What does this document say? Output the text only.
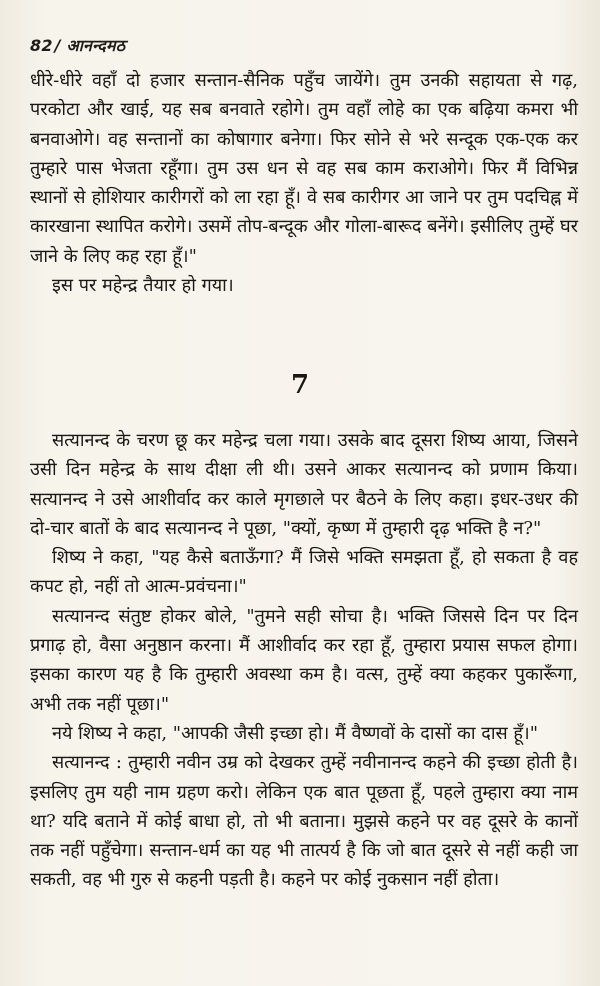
82 / आनन्दमठ

धीरे-धीरे वहाँ दो हजार सन्तान-सैनिक पहुँच जायेंगे। तुम उनकी सहायता से गढ़, परकोटा और खाई, यह सब बनवाते रहोगे। तुम वहाँ लोहे का एक बढ़िया कमरा भी बनवाओगे। वह सन्तानों का कोषागार बनेगा। फिर सोने से भरे सन्दूक एक-एक कर तुम्हारे पास भेजता रहूँगा। तुम उस धन से वह सब काम कराओगे। फिर मैं विभिन्न स्थानों से होशियार कारीगरों को ला रहा हूँ। वे सब कारीगर आ जाने पर तुम पदचिह्न में कारखाना स्थापित करोगे। उसमें तोप-बन्दूक और गोला-बारूद बनेंगे। इसीलिए तुम्हें घर जाने के लिए कह रहा हूँ।"

इस पर महेन्द्र तैयार हो गया।

7

सत्यानन्द के चरण छू कर महेन्द्र चला गया। उसके बाद दूसरा शिष्य आया, जिसने उसी दिन महेन्द्र के साथ दीक्षा ली थी। उसने आकर सत्यानन्द को प्रणाम किया। सत्यानन्द ने उसे आशीर्वाद कर काले मृगछाले पर बैठने के लिए कहा। इधर-उधर की दो-चार बातों के बाद सत्यानन्द ने पूछा, "क्यों, कृष्ण में तुम्हारी दृढ़ भक्ति है न?"

शिष्य ने कहा, "यह कैसे बताऊँगा? मैं जिसे भक्ति समझता हूँ, हो सकता है वह कपट हो, नहीं तो आत्म-प्रवंचना।"

सत्यानन्द संतुष्ट होकर बोले, "तुमने सही सोचा है। भक्ति जिससे दिन पर दिन प्रगाढ़ हो, वैसा अनुष्ठान करना। मैं आशीर्वाद कर रहा हूँ, तुम्हारा प्रयास सफल होगा। इसका कारण यह है कि तुम्हारी अवस्था कम है। वत्स, तुम्हें क्या कहकर पुकारूँगा, अभी तक नहीं पूछा।"

नये शिष्य ने कहा, "आपकी जैसी इच्छा हो। मैं वैष्णवों के दासों का दास हूँ।"

सत्यानन्द : तुम्हारी नवीन उम्र को देखकर तुम्हें नवीनानन्द कहने की इच्छा होती है। इसलिए तुम यही नाम ग्रहण करो। लेकिन एक बात पूछता हूँ, पहले तुम्हारा क्या नाम था? यदि बताने में कोई बाधा हो, तो भी बताना। मुझसे कहने पर वह दूसरे के कानों तक नहीं पहुँचेगा। सन्तान-धर्म का यह भी तात्पर्य है कि जो बात दूसरे से नहीं कही जा सकती, वह भी गुरु से कहनी पड़ती है। कहने पर कोई नुकसान नहीं होता।
